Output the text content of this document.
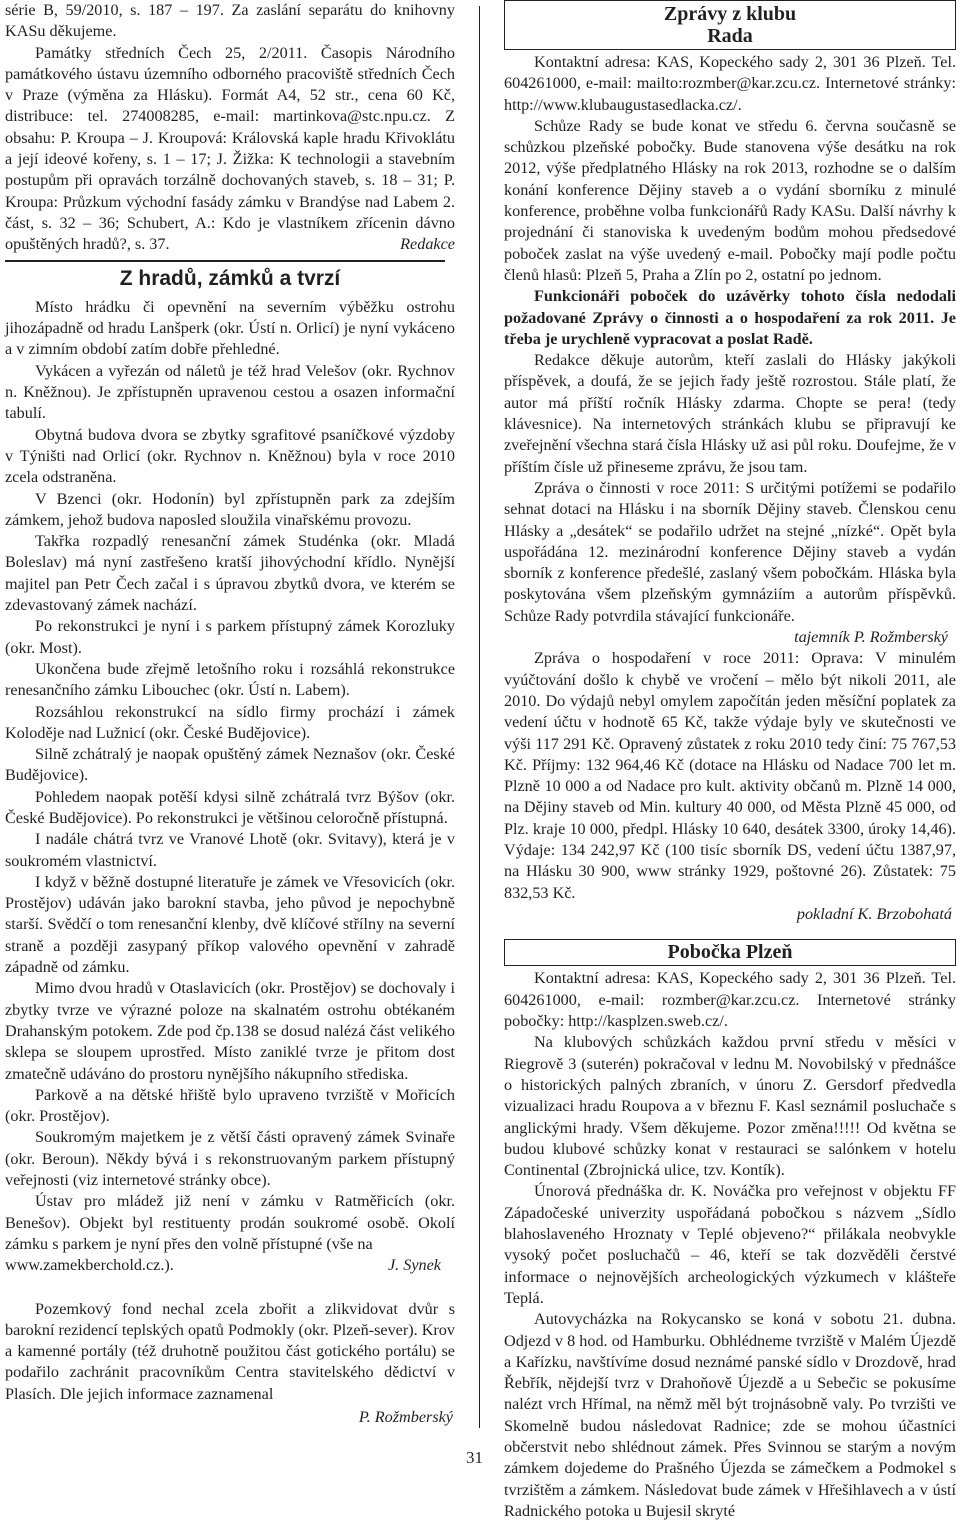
série B, 59/2010, s. 187 – 197. Za zaslání separátu do knihovny KASu děkujeme.

Památky středních Čech 25, 2/2011. Časopis Národního památkového ústavu územního odborného pracoviště středních Čech v Praze (výměna za Hlásku). Formát A4, 52 str., cena 60 Kč, distribuce: tel. 274008285, e-mail: martinkova@stc.npu.cz. Z obsahu: P. Kroupa – J. Kroupová: Královská kaple hradu Křivoklátu a její ideové kořeny, s. 1 – 17; J. Žižka: K technologii a stavebním postupům při opravách torzálně dochovaných staveb, s. 18 – 31; P. Kroupa: Průzkum východní fasády zámku v Brandýse nad Labem 2. část, s. 32 – 36; Schubert, A.: Kdo je vlastníkem zřícenin dávno opuštěných hradů?, s. 37.	Redakce

Z hradů, zámků a tvrzí

Místo hrádku či opevnění na severním výběžku ostrohu jihozápadně od hradu Lanšperk (okr. Ústí n. Orlicí) je nyní vykáceno a v zimním období zatím dobře přehledné.

Vykácen a vyřezán od náletů je též hrad Velešov (okr. Rychnov n. Kněžnou). Je zpřístupněn upravenou cestou a osazen informační tabulí.

Obytná budova dvora se zbytky sgrafitové psaníčkové výzdoby v Týništi nad Orlicí (okr. Rychnov n. Kněžnou) byla v roce 2010 zcela odstraněna.

V Bzenci (okr. Hodonín) byl zpřístupněn park za zdejším zámkem, jehož budova naposled sloužila vinařskému provozu.

Takřka rozpadlý renesanční zámek Studénka (okr. Mladá Boleslav) má nyní zastřešeno kratší jihovýchodní křídlo. Nynější majitel pan Petr Čech začal i s úpravou zbytků dvora, ve kterém se zdevastovaný zámek nachází.

Po rekonstrukci je nyní i s parkem přístupný zámek Korozluky (okr. Most).

Ukončena bude zřejmě letošního roku i rozsáhlá rekonstrukce renesančního zámku Libouchec (okr. Ústí n. Labem).

Rozsáhlou rekonstrukcí na sídlo firmy prochází i zámek Koloděje nad Lužnicí (okr. České Budějovice).

Silně zchátralý je naopak opuštěný zámek Neznašov (okr. České Budějovice).

Pohledem naopak potěší kdysi silně zchátralá tvrz Býšov (okr. České Budějovice). Po rekonstrukci je většinou celoročně přístupná.

I nadále chátrá tvrz ve Vranové Lhotě (okr. Svitavy), která je v soukromém vlastnictví.

I když v běžně dostupné literatuře je zámek ve Vřesovicích (okr. Prostějov) udáván jako barokní stavba, jeho původ je nepochybně starší. Svědčí o tom renesanční klenby, dvě klíčové střílny na severní straně a později zasypaný příkop valového opevnění v zahradě západně od zámku.

Mimo dvou hradů v Otaslavicích (okr. Prostějov) se dochovaly i zbytky tvrze ve výrazné poloze na skalnatém ostrohu obtékaném Drahanským potokem. Zde pod čp.138 se dosud nalézá část velikého sklepa se sloupem uprostřed. Místo zaniklé tvrze je přitom dost zmatečně udáváno do prostoru nynějšího nákupního střediska.

Parkově a na dětské hřiště bylo upraveno tvrziště v Mořicích (okr. Prostějov).

Soukromým majetkem je z větší části opravený zámek Svinaře (okr. Beroun). Někdy bývá i s rekonstruovaným parkem přístupný veřejnosti (viz internetové stránky obce).

Ústav pro mládež již není v zámku v Ratměřicích (okr. Benešov). Objekt byl restituenty prodán soukromé osobě. Okolí zámku s parkem je nyní přes den volně přístupné (vše na

www.zamekberchold.cz.).	J. Synek

Pozemkový fond nechal zcela zbořit a zlikvidovat dvůr s barokní rezidencí teplských opatů Podmokly (okr. Plzeň-sever). Krov a kamenné portály (též druhotně použitou část gotického portálu) se podařilo zachránit pracovníkům Centra stavitelského dědictví v Plasích. Dle jejich informace zaznamenal

P. Rožmberský
Zprávy z klubu
Rada

Kontaktní adresa: KAS, Kopeckého sady 2, 301 36 Plzeň. Tel. 604261000, e-mail: mailto:rozmber@kar.zcu.cz. Internetové stránky: http://www.klubaugustasedlacka.cz/.

Schůze Rady se bude konat ve středu 6. června současně se schůzkou plzeňské pobočky. Bude stanovena výše desátku na rok 2012, výše předplatného Hlásky na rok 2013, rozhodne se o dalším konání konference Dějiny staveb a o vydání sborníku z minulé konference, proběhne volba funkcionářů Rady KASu. Další návrhy k projednání či stanoviska k uvedeným bodům mohou předsedové poboček zaslat na výše uvedený e-mail. Pobočky mají podle počtu členů hlasů: Plzeň 5, Praha a Zlín po 2, ostatní po jednom.

Funkcionáři poboček do uzávěrky tohoto čísla nedodali požadované Zprávy o činnosti a o hospodaření za rok 2011. Je třeba je urychleně vypracovat a poslat Radě.

Redakce děkuje autorům, kteří zaslali do Hlásky jakýkoli příspěvek, a doufá, že se jejich řady ještě rozrostou. Stále platí, že autor má příští ročník Hlásky zdarma. Chopte se pera! (tedy klávesnice). Na internetových stránkách klubu se připravují ke zveřejnění všechna stará čísla Hlásky už asi půl roku. Doufejme, že v příštím čísle už přineseme zprávu, že jsou tam.

Zpráva o činnosti v roce 2011: S určitými potížemi se podařilo sehnat dotaci na Hlásku i na sborník Dějiny staveb. Členskou cenu Hlásky a „desátek“ se podařilo udržet na stejné „nízké“. Opět byla uspořádána 12. mezinárodní konference Dějiny staveb a vydán sborník z konference předešlé, zaslaný všem pobočkám. Hláska byla poskytována všem plzeňským gymnáziím a autorům příspěvků. Schůze Rady potvrdila stávající funkcionáře.

tajemník P. Rožmberský

Zpráva o hospodaření v roce 2011: Oprava: V minulém vyúčtování došlo k chybě ve vročení – mělo být nikoli 2011, ale 2010. Do výdajů nebyl omylem započítán jeden měsíční poplatek za vedení účtu v hodnotě 65 Kč, takže výdaje byly ve skutečnosti ve výši 117 291 Kč. Opravený zůstatek z roku 2010 tedy činí: 75 767,53 Kč. Příjmy: 132 964,46 Kč (dotace na Hlásku od Nadace 700 let m. Plzně 10 000 a od Nadace pro kult. aktivity občanů m. Plzně 14 000, na Dějiny staveb od Min. kultury 40 000, od Města Plzně 45 000, od Plz. kraje 10 000, předpl. Hlásky 10 640, desátek 3300, úroky 14,46). Výdaje: 134 242,97 Kč (100 tisíc sborník DS, vedení účtu 1387,97, na Hlásku 30 900, www stránky 1929, poštovné 26). Zůstatek: 75 832,53 Kč.

pokladní K. Brzobohatá
Pobočka Plzeň

Kontaktní adresa: KAS, Kopeckého sady 2, 301 36 Plzeň. Tel. 604261000, e-mail: rozmber@kar.zcu.cz. Internetové stránky pobočky: http://kasplzen.sweb.cz/.

Na klubových schůzkách každou první středu v měsíci v Riegrově 3 (suterén) pokračoval v lednu M. Novobilský v přednášce o historických palných zbraních, v únoru Z. Gersdorf předvedla vizualizaci hradu Roupova a v březnu F. Kasl seznámil posluchače s anglickými hrady. Všem děkujeme. Pozor změna!!!!! Od května se budou klubové schůzky konat v restauraci se salónkem v hotelu Continental (Zbrojnická ulice, tzv. Kontík).

Únorová přednáška dr. K. Nováčka pro veřejnost v objektu FF Západočeské univerzity uspořádaná pobočkou s názvem „Sídlo blahoslaveného Hroznaty v Teplé objeveno?“ přilákala neobvykle vysoký počet posluchačů – 46, kteří se tak dozvěděli čerstvé informace o nejnovějších archeologických výzkumech v klášteře Teplá.

Autovycházka na Rokycansko se koná v sobotu 21. dubna. Odjezd v 8 hod. od Hamburku. Obhlédneme tvrziště v Malém Újezdě a Kařízku, navštívíme dosud neznámé panské sídlo v Drozdově, hrad Řebřík, nějdejší tvrz v Drahoňově Újezdě a u Sebečic se pokusíme nalézt vrch Hřímal, na němž měl být trojnásobně valy. Po tvrzišti ve Skomelně budou následovat Radnice; zde se mohou účastníci občerstvit nebo shlédnout zámek. Přes Svinnou se starým a novým zámkem dojedeme do Prašného Újezda se zámečkem a Podmokel s tvrzištěm a zámkem. Následovat bude zámek v Hřešihlavech a v ústí Radnického potoka u Bujesil skryté

31
